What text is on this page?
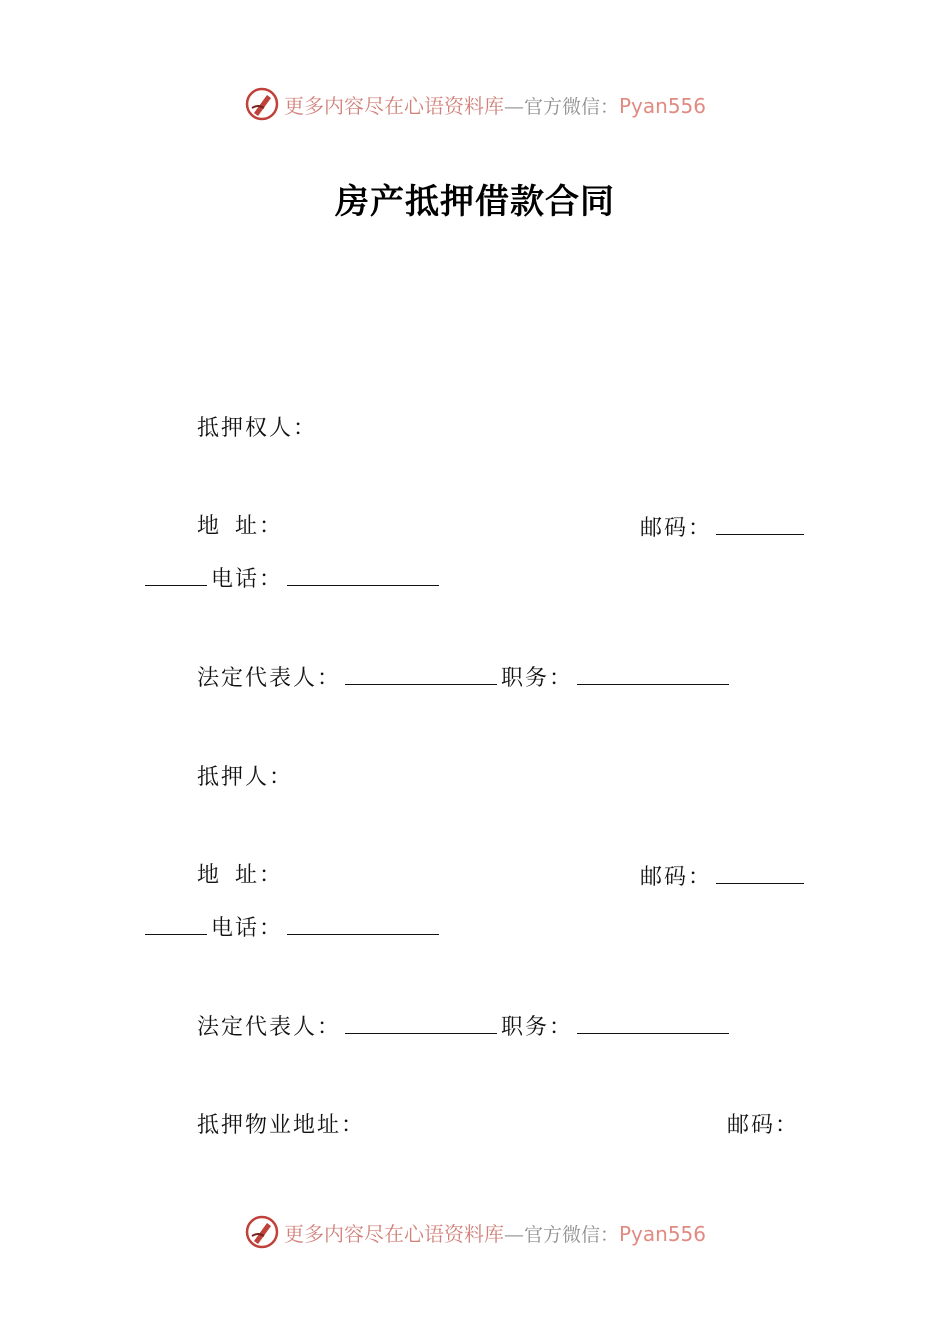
更多内容尽在心语资料库—官方微信：Pyan556
房产抵押借款合同
抵押权人：
地 址：	邮码：
电话：
法定代表人：	职务：
抵押人：
地 址：	邮码：
电话：
法定代表人：	职务：
抵押物业地址：	邮码：
更多内容尽在心语资料库—官方微信：Pyan556
